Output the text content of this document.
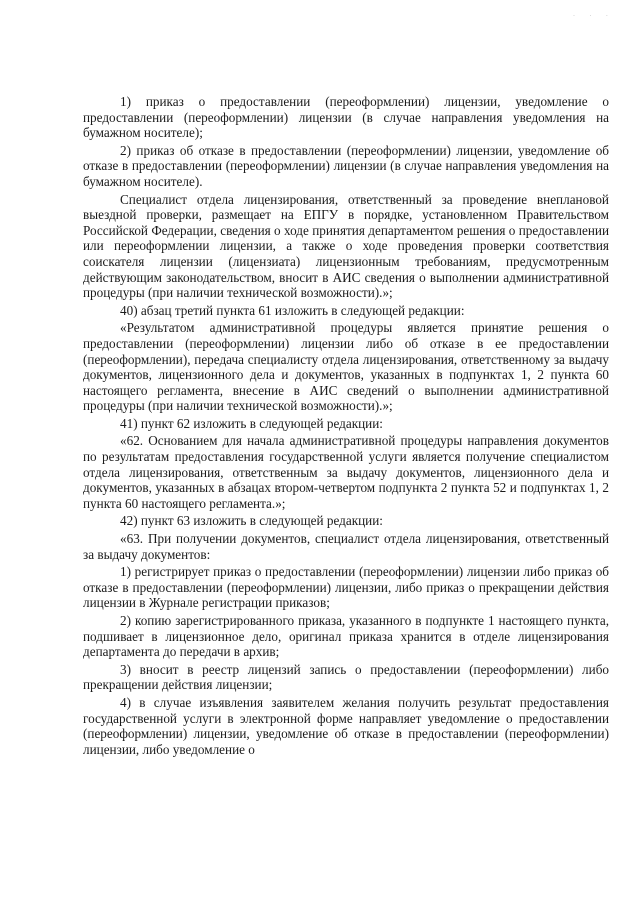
· · ·

1) приказ о предоставлении (переоформлении) лицензии, уведомление о предоставлении (переоформлении) лицензии (в случае направления уведомления на бумажном носителе);

2) приказ об отказе в предоставлении (переоформлении) лицензии, уведомление об отказе в предоставлении (переоформлении) лицензии (в случае направления уведомления на бумажном носителе).

Специалист отдела лицензирования, ответственный за проведение внеплановой выездной проверки, размещает на ЕПГУ в порядке, установленном Правительством Российской Федерации, сведения о ходе принятия департаментом решения о предоставлении или переоформлении лицензии, а также о ходе проведения проверки соответствия соискателя лицензии (лицензиата) лицензионным требованиям, предусмотренным действующим законодательством, вносит в АИС сведения о выполнении административной процедуры (при наличии технической возможности).»;

40) абзац третий пункта 61 изложить в следующей редакции:

«Результатом административной процедуры является принятие решения о предоставлении (переоформлении) лицензии либо об отказе в ее предоставлении (переоформлении), передача специалисту отдела лицензирования, ответственному за выдачу документов, лицензионного дела и документов, указанных в подпунктах 1, 2 пункта 60 настоящего регламента, внесение в АИС сведений о выполнении административной процедуры (при наличии технической возможности).»;

41) пункт 62 изложить в следующей редакции:

«62. Основанием для начала административной процедуры направления документов по результатам предоставления государственной услуги является получение специалистом отдела лицензирования, ответственным за выдачу документов, лицензионного дела и документов, указанных в абзацах втором-четвертом подпункта 2 пункта 52 и подпунктах 1, 2 пункта 60 настоящего регламента.»;

42) пункт 63 изложить в следующей редакции:

«63. При получении документов, специалист отдела лицензирования, ответственный за выдачу документов:

1) регистрирует приказ о предоставлении (переоформлении) лицензии либо приказ об отказе в предоставлении (переоформлении) лицензии, либо приказ о прекращении действия лицензии в Журнале регистрации приказов;

2) копию зарегистрированного приказа, указанного в подпункте 1 настоящего пункта, подшивает в лицензионное дело, оригинал приказа хранится в отделе лицензирования департамента до передачи в архив;

3) вносит в реестр лицензий запись о предоставлении (переоформлении) либо прекращении действия лицензии;

4) в случае изъявления заявителем желания получить результат предоставления государственной услуги в электронной форме направляет уведомление о предоставлении (переоформлении) лицензии, уведомление об отказе в предоставлении (переоформлении) лицензии, либо уведомление о
